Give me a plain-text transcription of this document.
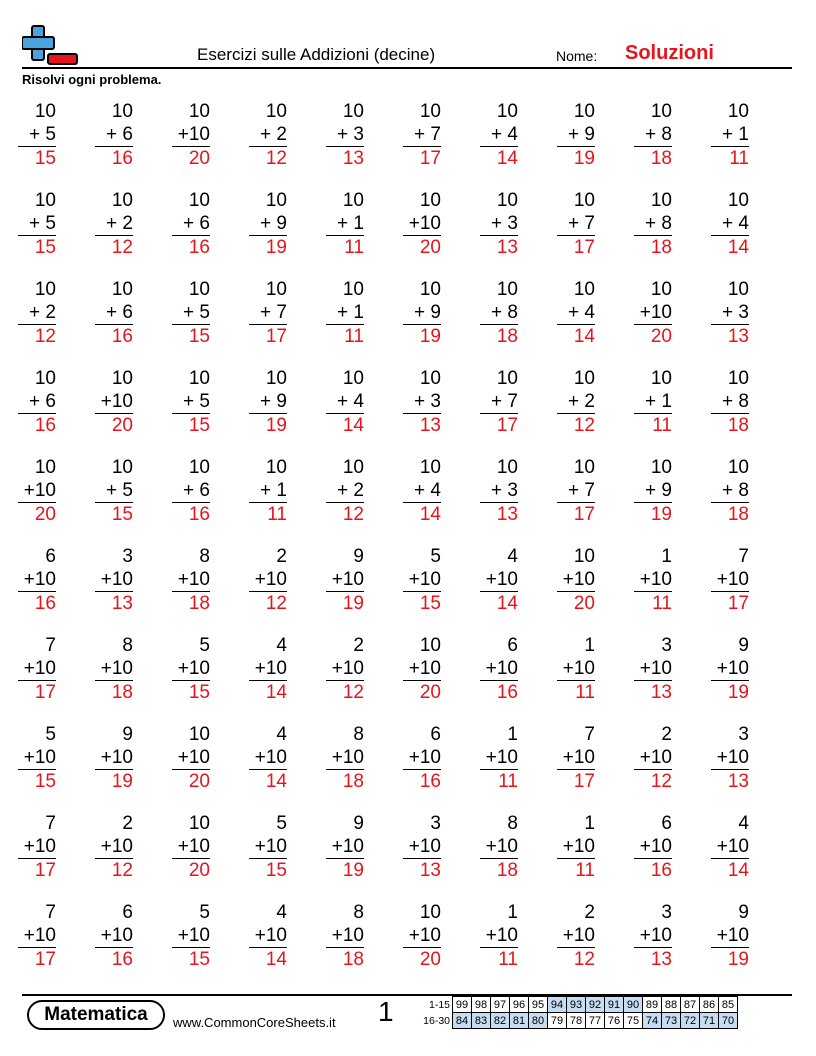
Esercizi sulle Addizioni (decine)	Nome: Soluzioni
Risolvi ogni problema.
10
+ 5
15
10
+ 6
16
10
+10
20
10
+ 2
12
10
+ 3
13
10
+ 7
17
10
+ 4
14
10
+ 9
19
10
+ 8
18
10
+ 1
11
10
+ 5
15
10
+ 2
12
10
+ 6
16
10
+ 9
19
10
+ 1
11
10
+10
20
10
+ 3
13
10
+ 7
17
10
+ 8
18
10
+ 4
14
10
+ 2
12
10
+ 6
16
10
+ 5
15
10
+ 7
17
10
+ 1
11
10
+ 9
19
10
+ 8
18
10
+ 4
14
10
+10
20
10
+ 3
13
10
+ 6
16
10
+10
20
10
+ 5
15
10
+ 9
19
10
+ 4
14
10
+ 3
13
10
+ 7
17
10
+ 2
12
10
+ 1
11
10
+ 8
18
10
+10
20
10
+ 5
15
10
+ 6
16
10
+ 1
11
10
+ 2
12
10
+ 4
14
10
+ 3
13
10
+ 7
17
10
+ 9
19
10
+ 8
18
6
+10
16
3
+10
13
8
+10
18
2
+10
12
9
+10
19
5
+10
15
4
+10
14
10
+10
20
1
+10
11
7
+10
17
7
+10
17
8
+10
18
5
+10
15
4
+10
14
2
+10
12
10
+10
20
6
+10
16
1
+10
11
3
+10
13
9
+10
19
5
+10
15
9
+10
19
10
+10
20
4
+10
14
8
+10
18
6
+10
16
1
+10
11
7
+10
17
2
+10
12
3
+10
13
7
+10
17
2
+10
12
10
+10
20
5
+10
15
9
+10
19
3
+10
13
8
+10
18
1
+10
11
6
+10
16
4
+10
14
7
+10
17
6
+10
16
5
+10
15
4
+10
14
8
+10
18
10
+10
20
1
+10
11
2
+10
12
3
+10
13
9
+10
19
Matematica	www.CommonCoreSheets.it 1	1-15	99	98	97	96	95	94	93	92	91	90	89	88	87	86	85
16-30	84	83	82	81	80	79	78	77	76	75	74	73	72	71	70
